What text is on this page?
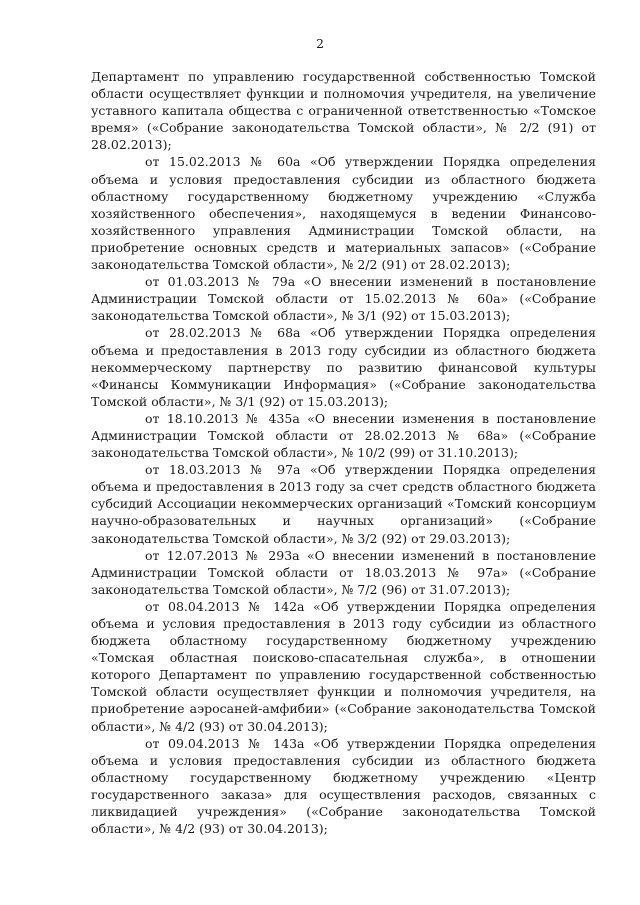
2

Департамент по управлению государственной собственностью Томской области осуществляет функции и полномочия учредителя, на увеличение уставного капитала общества с ограниченной ответственностью «Томское время» («Собрание законодательства Томской области», № 2/2 (91) от 28.02.2013);

от 15.02.2013 № 60а «Об утверждении Порядка определения объема и условия предоставления субсидии из областного бюджета областному государственному бюджетному учреждению «Служба хозяйственного обеспечения», находящемуся в ведении Финансово-хозяйственного управления Администрации Томской области, на приобретение основных средств и материальных запасов» («Собрание законодательства Томской области», № 2/2 (91) от 28.02.2013);

от 01.03.2013 № 79а «О внесении изменений в постановление Администрации Томской области от 15.02.2013 № 60а» («Собрание законодательства Томской области», № 3/1 (92) от 15.03.2013);

от 28.02.2013 № 68а «Об утверждении Порядка определения объема и предоставления в 2013 году субсидии из областного бюджета некоммерческому партнерству по развитию финансовой культуры «Финансы Коммуникации Информация» («Собрание законодательства Томской области», № 3/1 (92) от 15.03.2013);

от 18.10.2013 № 435а «О внесении изменения в постановление Администрации Томской области от 28.02.2013 № 68а» («Собрание законодательства Томской области», № 10/2 (99) от 31.10.2013);

от 18.03.2013 № 97а «Об утверждении Порядка определения объема и предоставления в 2013 году за счет средств областного бюджета субсидий Ассоциации некоммерческих организаций «Томский консорциум научно-образовательных и научных организаций» («Собрание законодательства Томской области», № 3/2 (92) от 29.03.2013);

от 12.07.2013 № 293а «О внесении изменений в постановление Администрации Томской области от 18.03.2013 № 97а» («Собрание законодательства Томской области», № 7/2 (96) от 31.07.2013);

от 08.04.2013 № 142а «Об утверждении Порядка определения объема и условия предоставления в 2013 году субсидии из областного бюджета областному государственному бюджетному учреждению «Томская областная поисково-спасательная служба», в отношении которого Департамент по управлению государственной собственностью Томской области осуществляет функции и полномочия учредителя, на приобретение аэросаней-амфибии» («Собрание законодательства Томской области», № 4/2 (93) от 30.04.2013);

от 09.04.2013 № 143а «Об утверждении Порядка определения объема и условия предоставления субсидии из областного бюджета областному государственному бюджетному учреждению «Центр государственного заказа» для осуществления расходов, связанных с ликвидацией учреждения» («Собрание законодательства Томской области», № 4/2 (93) от 30.04.2013);
